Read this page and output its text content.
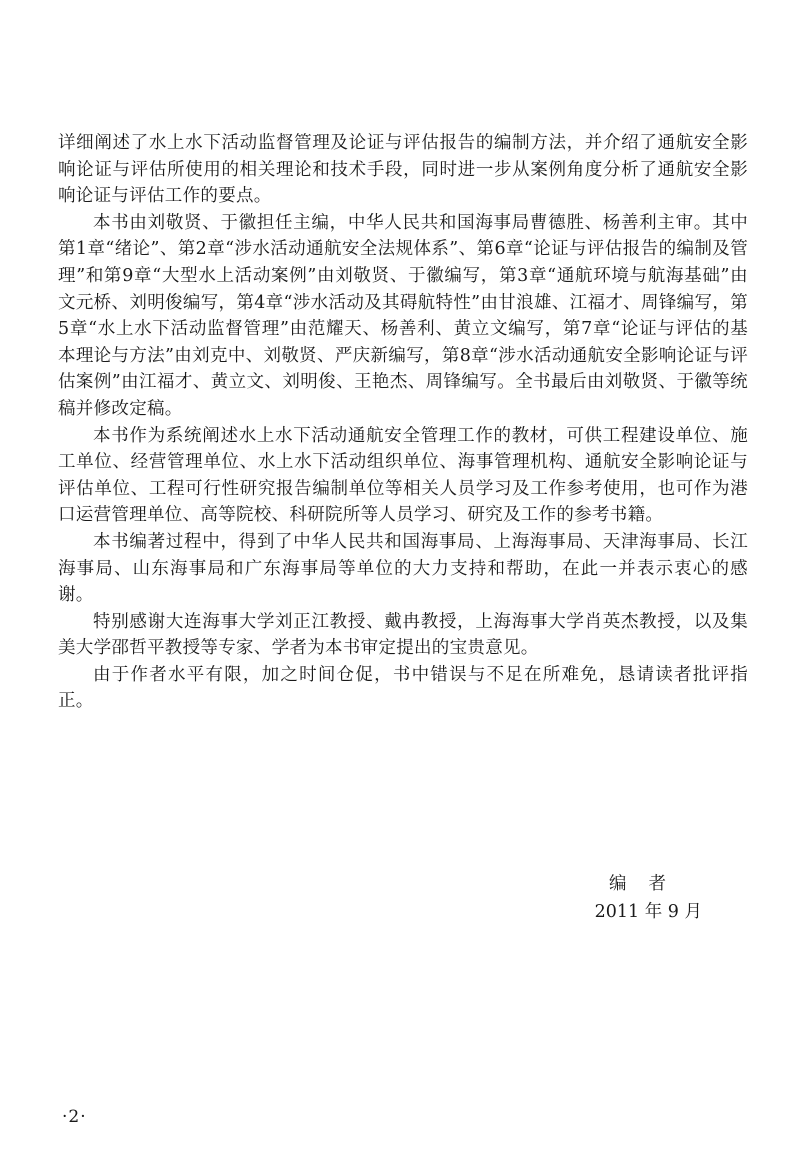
详细阐述了水上水下活动监督管理及论证与评估报告的编制方法，并介绍了通航安全影响论证与评估所使用的相关理论和技术手段，同时进一步从案例角度分析了通航安全影响论证与评估工作的要点。

本书由刘敬贤、于徽担任主编，中华人民共和国海事局曹德胜、杨善利主审。其中第1章“绪论”、第2章“涉水活动通航安全法规体系”、第6章“论证与评估报告的编制及管理”和第9章“大型水上活动案例”由刘敬贤、于徽编写，第3章“通航环境与航海基础”由文元桥、刘明俊编写，第4章“涉水活动及其碍航特性”由甘浪雄、江福才、周锋编写，第5章“水上水下活动监督管理”由范耀天、杨善利、黄立文编写，第7章“论证与评估的基本理论与方法”由刘克中、刘敬贤、严庆新编写，第8章“涉水活动通航安全影响论证与评估案例”由江福才、黄立文、刘明俊、王艳杰、周锋编写。全书最后由刘敬贤、于徽等统稿并修改定稿。

本书作为系统阐述水上水下活动通航安全管理工作的教材，可供工程建设单位、施工单位、经营管理单位、水上水下活动组织单位、海事管理机构、通航安全影响论证与评估单位、工程可行性研究报告编制单位等相关人员学习及工作参考使用，也可作为港口运营管理单位、高等院校、科研院所等人员学习、研究及工作的参考书籍。

本书编著过程中，得到了中华人民共和国海事局、上海海事局、天津海事局、长江海事局、山东海事局和广东海事局等单位的大力支持和帮助，在此一并表示衷心的感谢。

特别感谢大连海事大学刘正江教授、戴冉教授，上海海事大学肖英杰教授，以及集美大学邵哲平教授等专家、学者为本书审定提出的宝贵意见。

由于作者水平有限，加之时间仓促，书中错误与不足在所难免，恳请读者批评指正。

编者
2011 年 9 月
·2·
